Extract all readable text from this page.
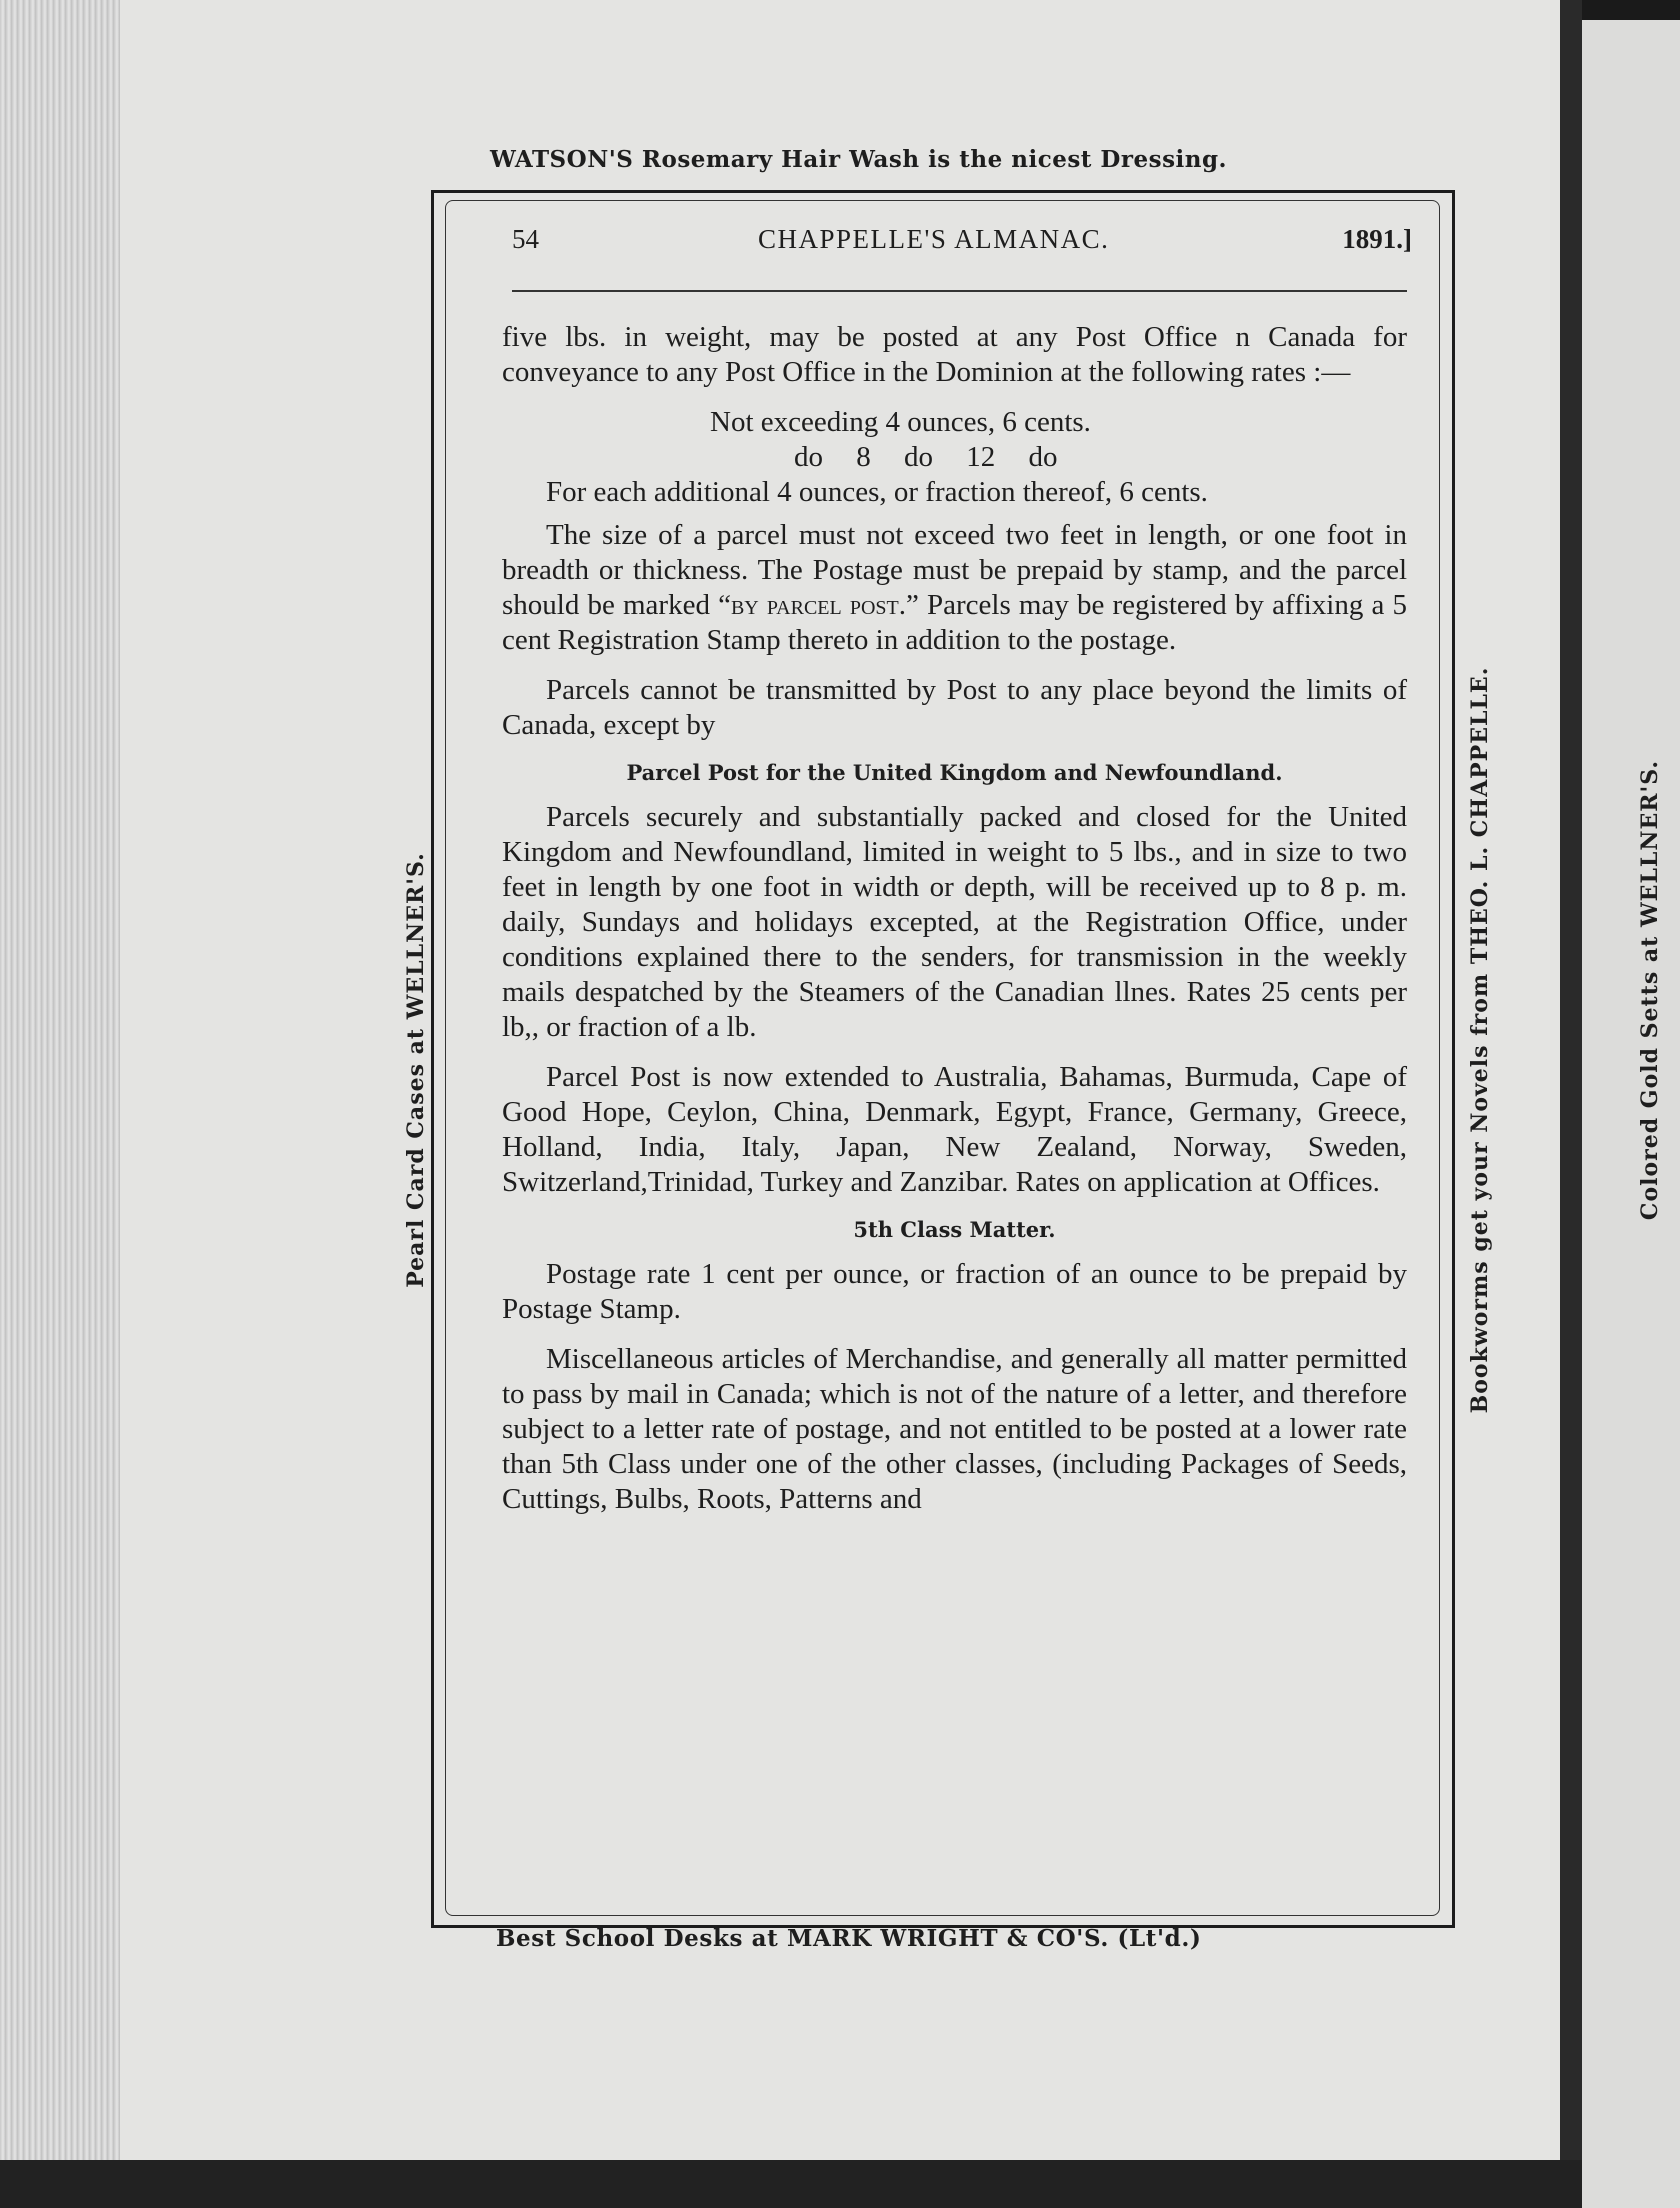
WATSON'S Rosemary Hair Wash is the nicest Dressing.
Pearl Card Cases at WELLNER'S.	Bookworms get your Novels from THEO. L. CHAPPELLE.	Colored Gold Setts at WELLNER'S.
54	CHAPPELLE'S ALMANAC.	1891.]

five lbs. in weight, may be posted at any Post Office n Canada for conveyance to any Post Office in the Dominion at the following rates :—

Not exceeding 4 ounces, 6 cents.
do 8 do 12 do
For each additional 4 ounces, or fraction thereof, 6 cents.

The size of a parcel must not exceed two feet in length, or one foot in breadth or thickness. The Postage must be prepaid by stamp, and the parcel should be marked “by parcel post.” Parcels may be registered by affixing a 5 cent Registration Stamp thereto in addition to the postage.

Parcels cannot be transmitted by Post to any place beyond the limits of Canada, except by

Parcel Post for the United Kingdom and Newfoundland.

Parcels securely and substantially packed and closed for the United Kingdom and Newfoundland, limited in weight to 5 lbs., and in size to two feet in length by one foot in width or depth, will be received up to 8 p. m. daily, Sundays and holidays excepted, at the Registration Office, under conditions explained there to the senders, for transmission in the weekly mails despatched by the Steamers of the Canadian llnes. Rates 25 cents per lb,, or fraction of a lb.

Parcel Post is now extended to Australia, Bahamas, Burmuda, Cape of Good Hope, Ceylon, China, Denmark, Egypt, France, Germany, Greece, Holland, India, Italy, Japan, New Zealand, Norway, Sweden, Switzerland,Trinidad, Turkey and Zanzibar. Rates on application at Offices.

5th Class Matter.

Postage rate 1 cent per ounce, or fraction of an ounce to be prepaid by Postage Stamp.

Miscellaneous articles of Merchandise, and generally all matter permitted to pass by mail in Canada; which is not of the nature of a letter, and therefore subject to a letter rate of postage, and not entitled to be posted at a lower rate than 5th Class under one of the other classes, (including Packages of Seeds, Cuttings, Bulbs, Roots, Patterns and

Best School Desks at MARK WRIGHT & CO'S. (Lt'd.)
